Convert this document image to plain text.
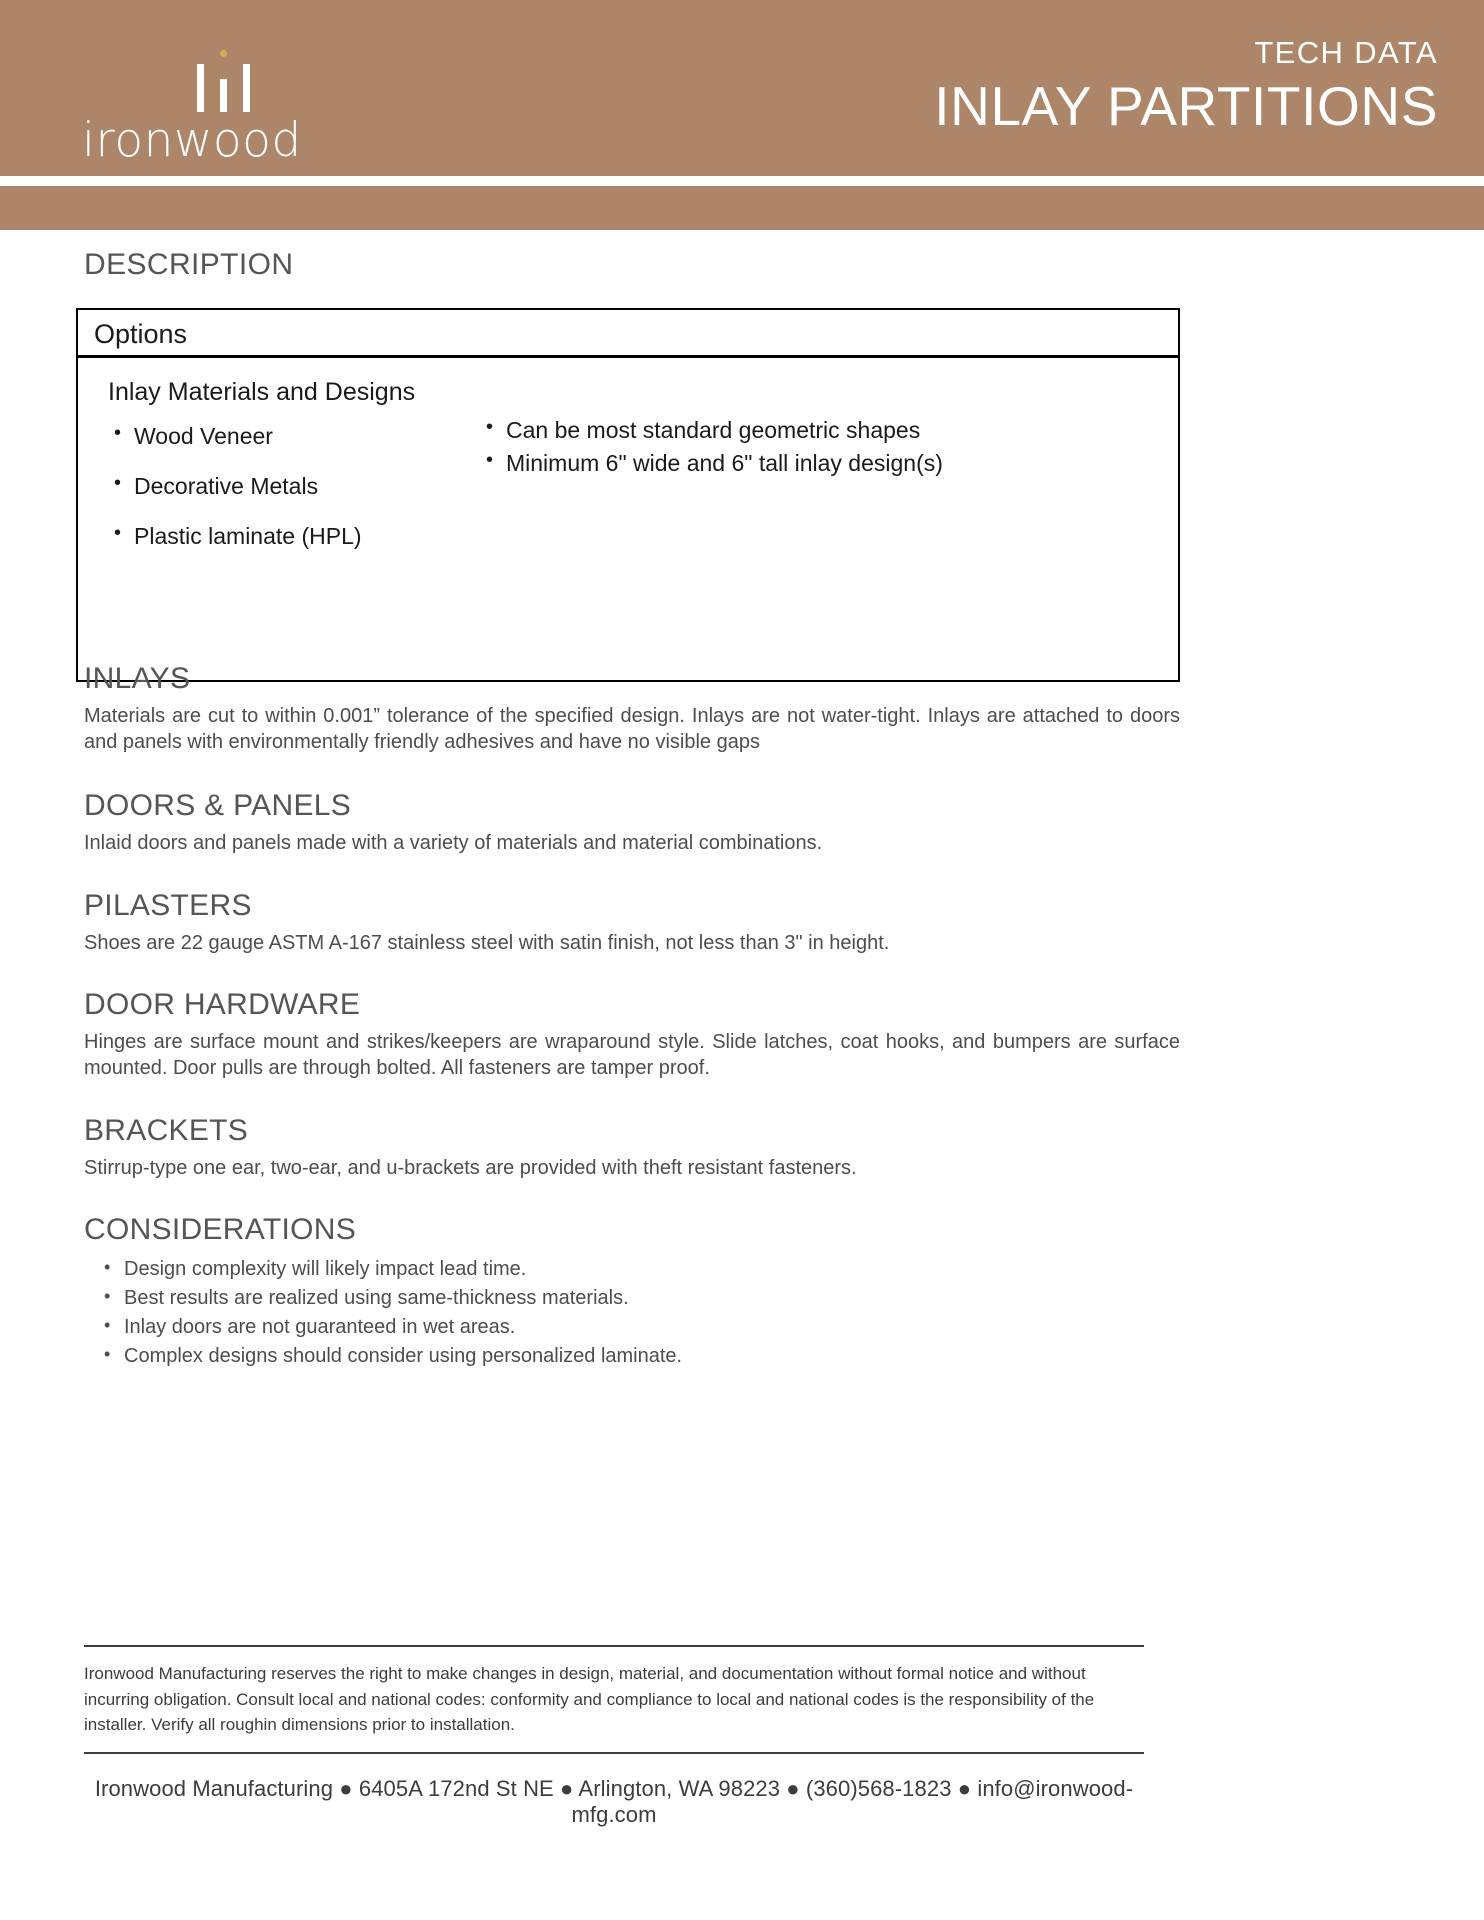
ironwood
TECH DATA
INLAY PARTITIONS
DESCRIPTION
Options
Inlay Materials and Designs
• Wood Veneer
• Decorative Metals
• Plastic laminate (HPL)
• Can be most standard geometric shapes
• Minimum 6" wide and 6" tall inlay design(s)
INLAYS

Materials are cut to within 0.001” tolerance of the specified design. Inlays are not water-tight. Inlays are attached to doors and panels with environmentally friendly adhesives and have no visible gaps

DOORS & PANELS

Inlaid doors and panels made with a variety of materials and material combinations.

PILASTERS

Shoes are 22 gauge ASTM A-167 stainless steel with satin finish, not less than 3" in height.

DOOR HARDWARE

Hinges are surface mount and strikes/keepers are wraparound style. Slide latches, coat hooks, and bumpers are surface mounted. Door pulls are through bolted. All fasteners are tamper proof.

BRACKETS

Stirrup-type one ear, two-ear, and u-brackets are provided with theft resistant fasteners.

CONSIDERATIONS
• Design complexity will likely impact lead time.
• Best results are realized using same-thickness materials.
• Inlay doors are not guaranteed in wet areas.
• Complex designs should consider using personalized laminate.
Ironwood Manufacturing reserves the right to make changes in design, material, and documentation without formal notice and without incurring obligation. Consult local and national codes: conformity and compliance to local and national codes is the responsibility of the installer. Verify all roughin dimensions prior to installation.
Ironwood Manufacturing ● 6405A 172nd St NE ● Arlington, WA 98223 ● (360)568-1823 ● info@ironwood-mfg.com
